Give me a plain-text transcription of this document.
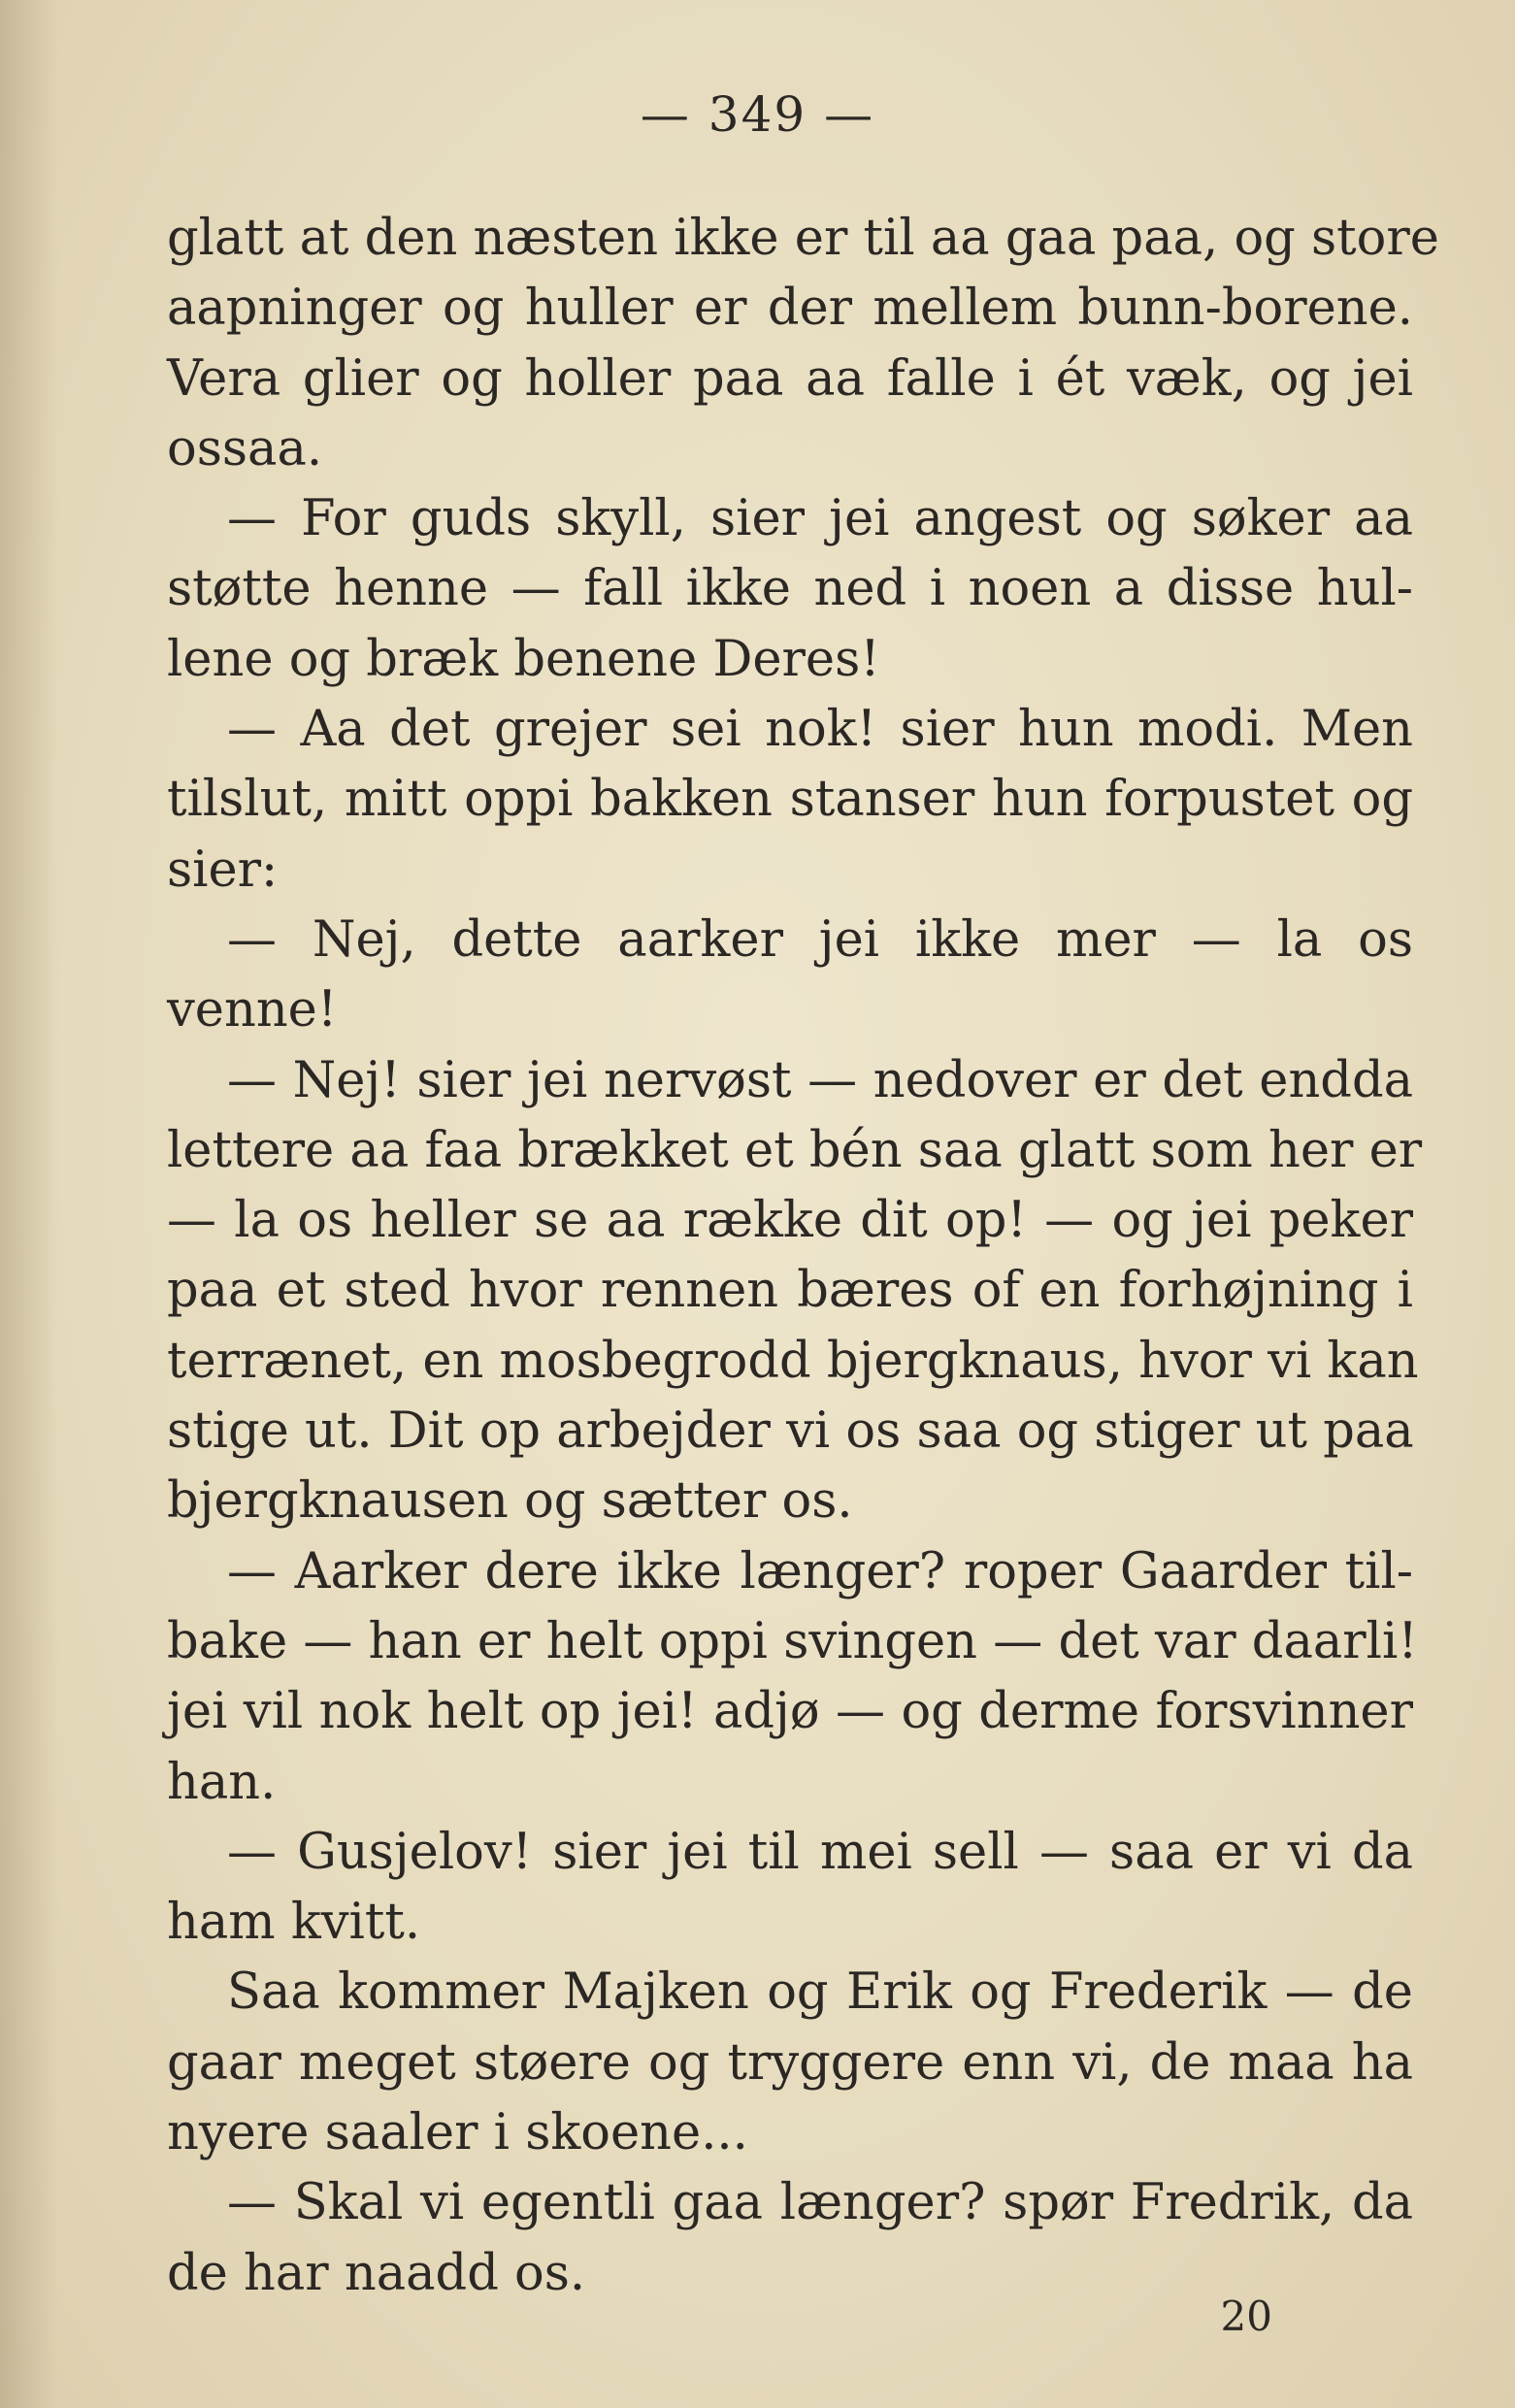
— 349 —
glatt at den næsten ikke er til aa gaa paa, og store
aapninger og huller er der mellem bunn-borene.
Vera glier og holler paa aa falle i ét væk, og jei
ossaa.
— For guds skyll, sier jei angest og søker aa
støtte henne — fall ikke ned i noen a disse hul-
lene og bræk benene Deres!
— Aa det grejer sei nok! sier hun modi. Men
tilslut, mitt oppi bakken stanser hun forpustet og
sier:
— Nej, dette aarker jei ikke mer — la os
venne!
— Nej! sier jei nervøst — nedover er det endda
lettere aa faa brækket et bén saa glatt som her er
— la os heller se aa række dit op! — og jei peker
paa et sted hvor rennen bæres of en forhøjning i
terrænet, en mosbegrodd bjergknaus, hvor vi kan
stige ut. Dit op arbejder vi os saa og stiger ut paa
bjergknausen og sætter os.
— Aarker dere ikke længer? roper Gaarder til-
bake — han er helt oppi svingen — det var daarli!
jei vil nok helt op jei! adjø — og derme forsvinner
han.
— Gusjelov! sier jei til mei sell — saa er vi da
ham kvitt.
Saa kommer Majken og Erik og Frederik — de
gaar meget støere og tryggere enn vi, de maa ha
nyere saaler i skoene...
— Skal vi egentli gaa længer? spør Fredrik, da
de har naadd os.
20
